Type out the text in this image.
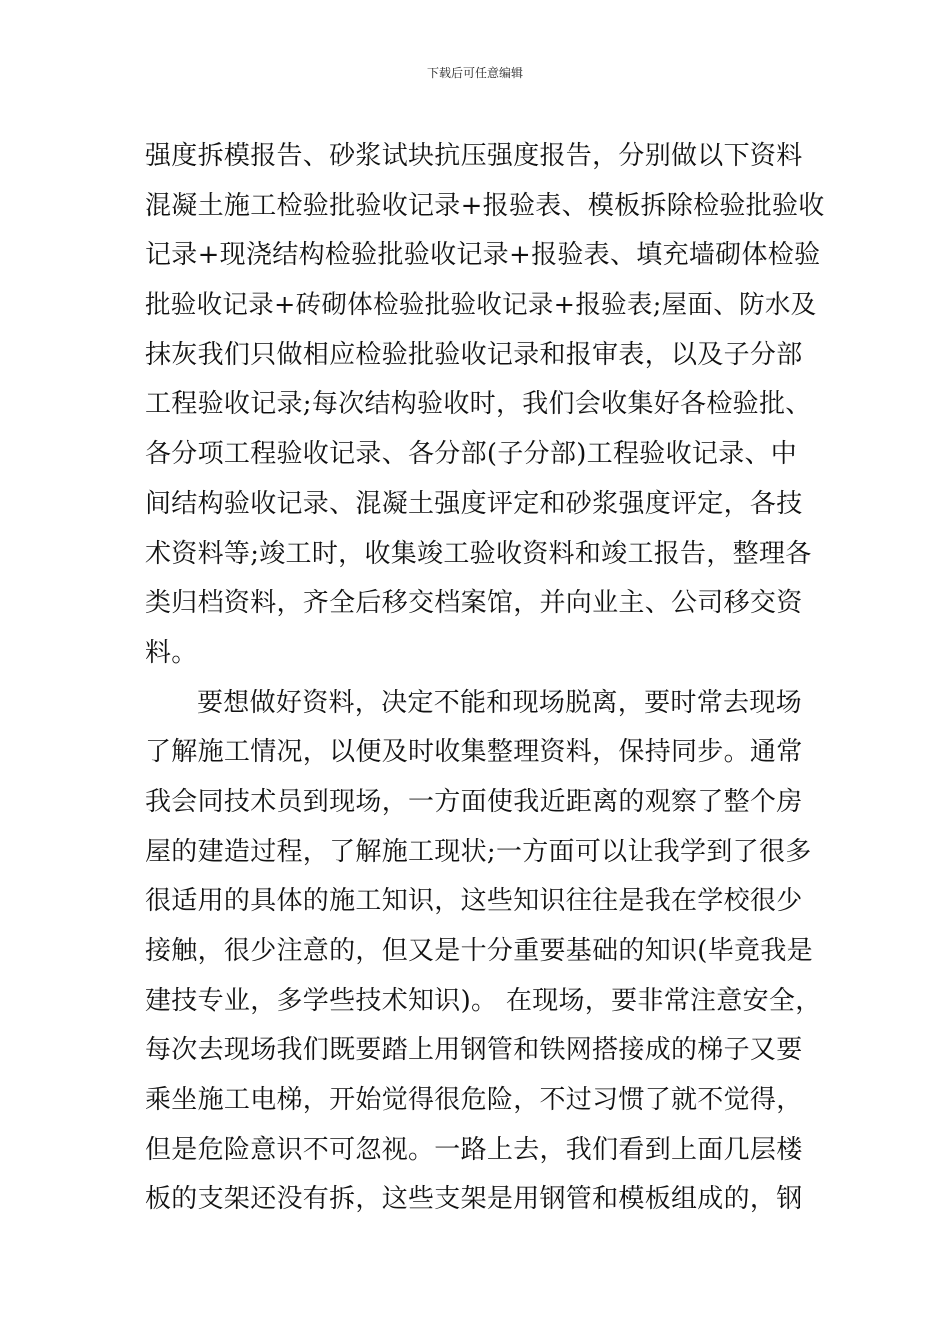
下载后可任意编辑
强度拆模报告、砂浆试块抗压强度报告，分别做以下资料
混凝土施工检验批验收记录+报验表、模板拆除检验批验收
记录+现浇结构检验批验收记录+报验表、填充墙砌体检验
批验收记录+砖砌体检验批验收记录+报验表;屋面、防水及
抹灰我们只做相应检验批验收记录和报审表，以及子分部
工程验收记录;每次结构验收时，我们会收集好各检验批、
各分项工程验收记录、各分部(子分部)工程验收记录、中
间结构验收记录、混凝土强度评定和砂浆强度评定，各技
术资料等;竣工时，收集竣工验收资料和竣工报告，整理各
类归档资料，齐全后移交档案馆，并向业主、公司移交资
料。
要想做好资料，决定不能和现场脱离，要时常去现场
了解施工情况，以便及时收集整理资料，保持同步。通常
我会同技术员到现场，一方面使我近距离的观察了整个房
屋的建造过程，了解施工现状;一方面可以让我学到了很多
很适用的具体的施工知识，这些知识往往是我在学校很少
接触，很少注意的，但又是十分重要基础的知识(毕竟我是
建技专业，多学些技术知识)。 在现场，要非常注意安全，
每次去现场我们既要踏上用钢管和铁网搭接成的梯子又要
乘坐施工电梯，开始觉得很危险，不过习惯了就不觉得，
但是危险意识不可忽视。一路上去，我们看到上面几层楼
板的支架还没有拆，这些支架是用钢管和模板组成的，钢
